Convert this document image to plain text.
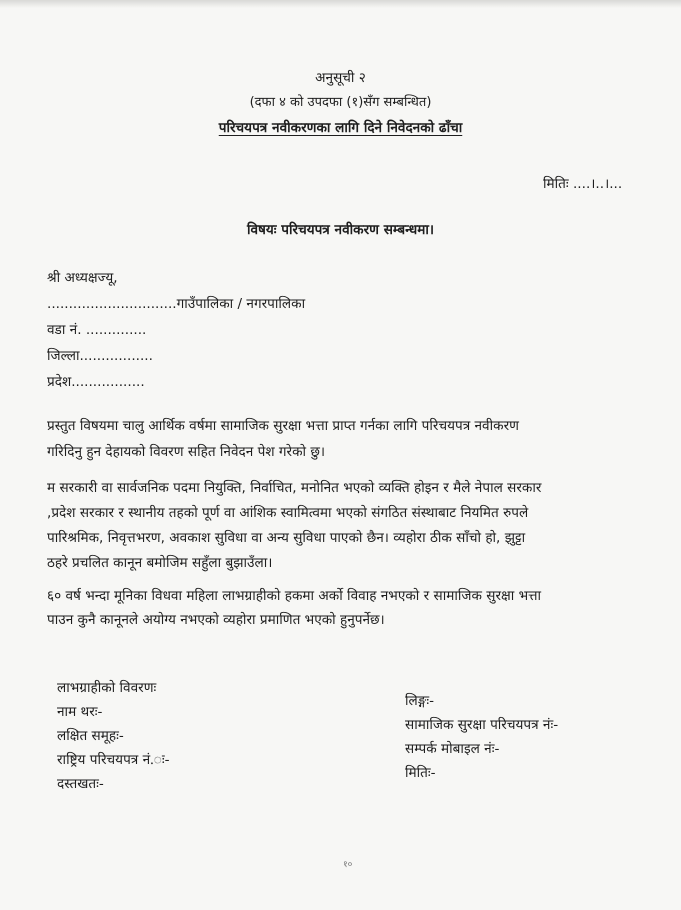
अनुसूची २
(दफा ४ को उपदफा (१)सँग सम्बन्धित)
परिचयपत्र नवीकरणका लागि दिने निवेदनको ढाँचा
मितिः ....।..।...
विषयः परिचयपत्र नवीकरण सम्बन्धमा।
श्री अध्यक्षज्यू,
..............................गाउँपालिका / नगरपालिका
वडा नं. ..............
जिल्ला.................
प्रदेश.................
प्रस्तुत विषयमा चालु आर्थिक वर्षमा सामाजिक सुरक्षा भत्ता प्राप्त गर्नका लागि परिचयपत्र नवीकरण
गरिदिनु हुन देहायको विवरण सहित निवेदन पेश गरेको छु।
म सरकारी वा सार्वजनिक पदमा नियुक्ति, निर्वाचित, मनोनित भएको व्यक्ति होइन र मैले नेपाल सरकार
,प्रदेश सरकार र स्थानीय तहको पूर्ण वा आंशिक स्वामित्वमा भएको संगठित संस्थाबाट नियमित रुपले
पारिश्रमिक, निवृत्तभरण, अवकाश सुविधा वा अन्य सुविधा पाएको छैन। व्यहोरा ठीक साँचो हो, झुट्टा
ठहरे प्रचलित कानून बमोजिम सहुँला बुझाउँला।
६० वर्ष भन्दा मूनिका विधवा महिला लाभग्राहीको हकमा अर्को विवाह नभएको र सामाजिक सुरक्षा भत्ता
पाउन कुनै कानूनले अयोग्य नभएको व्यहोरा प्रमाणित भएको हुनुपर्नेछ।
लाभग्राहीको विवरणः
नाम थरः-
लक्षित समूहः-
राष्ट्रिय परिचयपत्र नं.ः-
दस्तखतः-
लिङ्गः-
सामाजिक सुरक्षा परिचयपत्र नंः-
सम्पर्क मोबाइल नंः-
मितिः-
१०
